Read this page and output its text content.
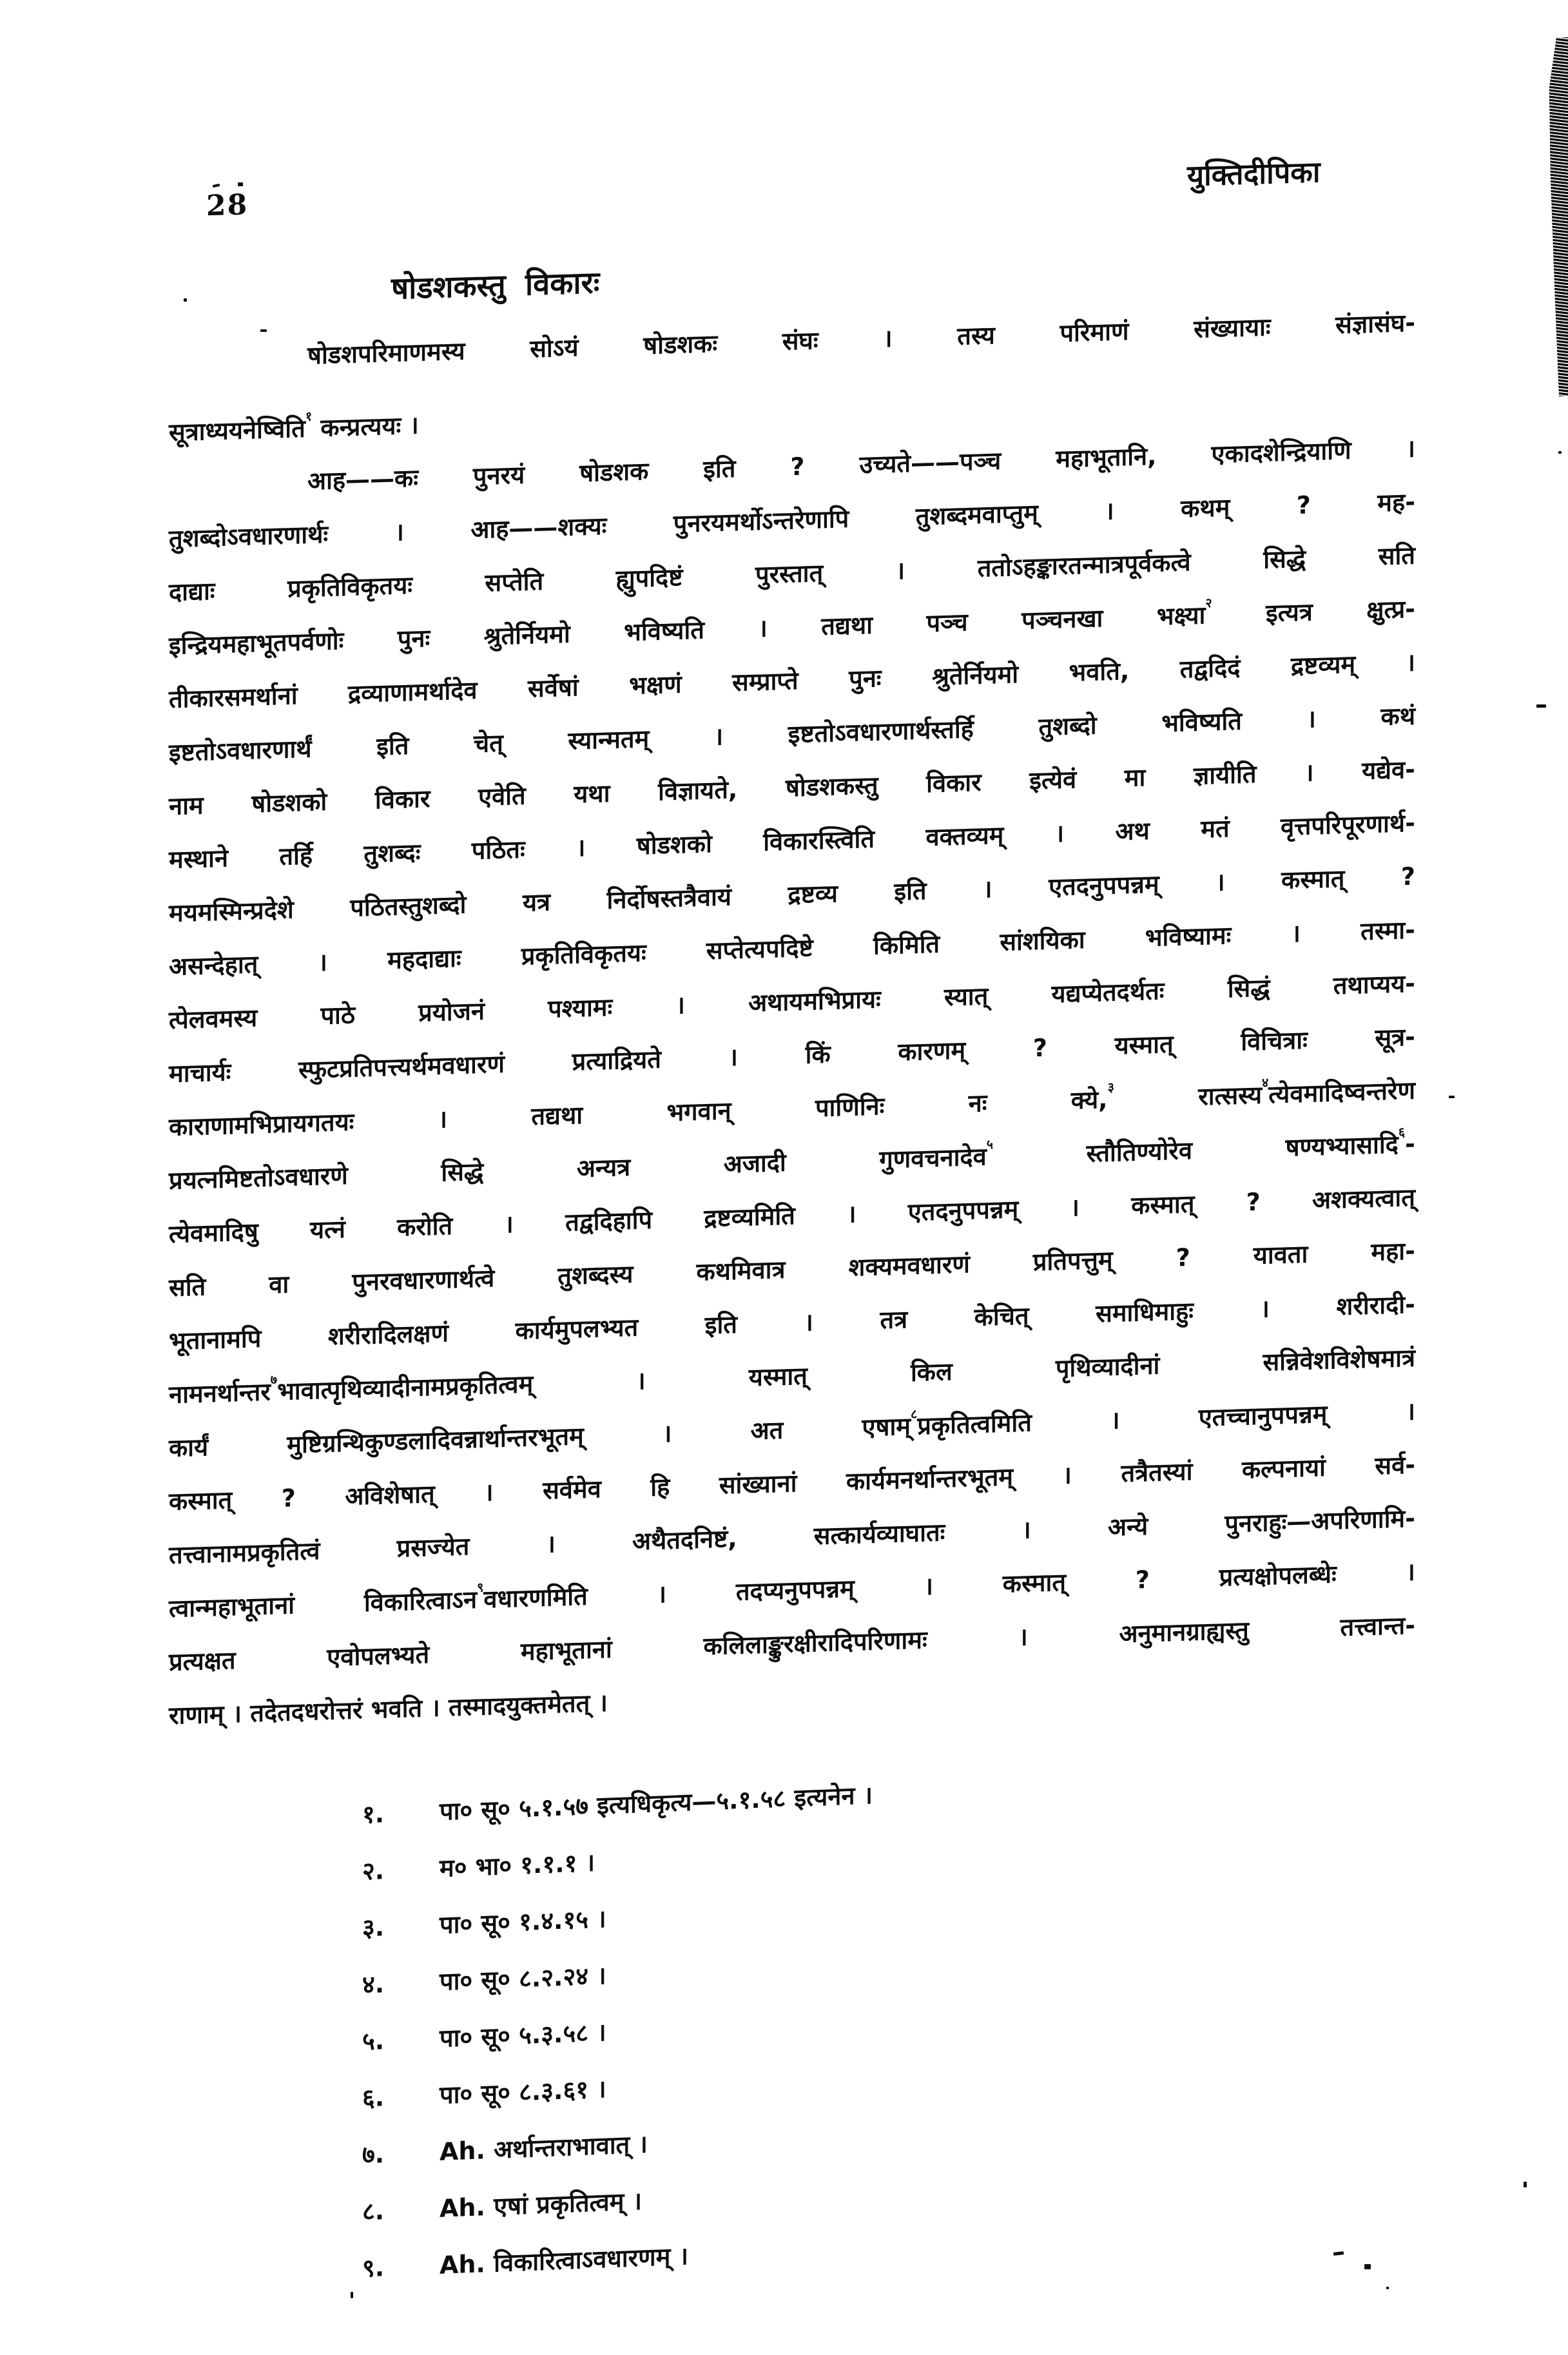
28
युक्तिदीपिका
षोडशकस्तु विकारः
षोडशपरिमाणमस्य	सोऽयं	षोडशकः	संघः	।	तस्य	परिमाणं	संख्यायाः	संज्ञासंघ-
सूत्राध्ययनेष्विति$^१$ कन्प्रत्ययः ।
आह——कः पुनरयं षोडशक इति ? उच्यते——पञ्च महाभूतानि, एकादशेन्द्रियाणि ।
तुशब्दोऽवधारणार्थः	।	आह——शक्यः	पुनरयमर्थोऽन्तरेणापि	तुशब्दमवाप्तुम्	।	कथम्	?	मह-
दाद्याः	प्रकृतिविकृतयः	सप्तेति	ह्युपदिष्टं	पुरस्तात्	।	ततोऽहङ्कारतन्मात्रपूर्वकत्वे	सिद्धे	सति
इन्द्रियमहाभूतपर्वणोः पुनः श्रुतेर्नियमो भविष्यति । तद्यथा पञ्च पञ्चनखा भक्ष्या$^२$ इत्यत्र क्षुत्प्र-
तीकारसमर्थानां द्रव्याणामर्थादेव सर्वेषां भक्षणं सम्प्राप्ते पुनः श्रुतेर्नियमो भवति, तद्वदिदं द्रष्टव्यम् ।
इष्टतोऽवधारणार्थं	इति	चेत्	स्यान्मतम्	।	इष्टतोऽवधारणार्थस्तर्हि	तुशब्दो	भविष्यति	।	कथं
नाम षोडशको विकार एवेति यथा विज्ञायते, षोडशकस्तु विकार इत्येवं मा ज्ञायीति । यद्येव-
मस्थाने तर्हि तुशब्दः पठितः । षोडशको विकारस्त्विति वक्तव्यम् । अथ मतं वृत्तपरिपूरणार्थ-
मयमस्मिन्प्रदेशे पठितस्तुशब्दो यत्र निर्दोषस्तत्रैवायं द्रष्टव्य इति । एतदनुपपन्नम् । कस्मात् ?
असन्देहात् । महदाद्याः प्रकृतिविकृतयः सप्तेत्यपदिष्टे किमिति सांशयिका भविष्यामः । तस्मा-
त्पेलवमस्य	पाठे	प्रयोजनं	पश्यामः	।	अथायमभिप्रायः	स्यात्	यद्यप्येतदर्थतः	सिद्धं	तथाप्यय-
माचार्यः	स्फुटप्रतिपत्त्यर्थमवधारणं	प्रत्याद्रियते	।	किं	कारणम्	?	यस्मात्	विचित्राः	सूत्र-
काराणामभिप्रायगतयः	।	तद्यथा	भगवान्	पाणिनिः	नः	क्ये,$^३$	रात्सस्य$^४$त्येवमादिष्वन्तरेण
प्रयत्नमिष्टतोऽवधारणे	सिद्धे	अन्यत्र	अजादी	गुणवचनादेव$^५$	स्तौतिण्योरेव	षण्यभ्यासादि$^६$-
त्येवमादिषु यत्नं करोति । तद्वदिहापि द्रष्टव्यमिति । एतदनुपपन्नम् । कस्मात् ? अशक्यत्वात्
सति	वा	पुनरवधारणार्थत्वे	तुशब्दस्य	कथमिवात्र	शक्यमवधारणं	प्रतिपत्तुम्	?	यावता	महा-
भूतानामपि	शरीरादिलक्षणं	कार्यमुपलभ्यत	इति	।	तत्र	केचित्	समाधिमाहुः	।	शरीरादी-
नामनर्थान्तर$^७$भावात्पृथिव्यादीनामप्रकृतित्वम्	।	यस्मात्	किल	पृथिव्यादीनां	सन्निवेशविशेषमात्रं
कार्यं	मुष्टिग्रन्थिकुण्डलादिवन्नार्थान्तरभूतम्	।	अत	एषाम्$^८$प्रकृतित्वमिति	।	एतच्चानुपपन्नम्	।
कस्मात् ? अविशेषात् । सर्वमेव हि सांख्यानां कार्यमनर्थान्तरभूतम् । तत्रैतस्यां कल्पनायां सर्व-
तत्त्वानामप्रकृतित्वं	प्रसज्येत	।	अथैतदनिष्टं,	सत्कार्यव्याघातः	।	अन्ये	पुनराहुः—अपरिणामि-
त्वान्महाभूतानां	विकारित्वाऽन$^९$वधारणमिति	।	तदप्यनुपपन्नम्	।	कस्मात्	?	प्रत्यक्षोपलब्धेः	।
प्रत्यक्षत	एवोपलभ्यते	महाभूतानां	कलिलाङ्कुरक्षीरादिपरिणामः	।	अनुमानग्राह्यस्तु	तत्त्वान्त-
राणाम् । तदेतदधरोत्तरं भवति । तस्मादयुक्तमेतत् ।
१. पा० सू० ५.१.५७ इत्यधिकृत्य—५.१.५८ इत्यनेन ।
२. म० भा० १.१.१ ।
३. पा० सू० १.४.१५ ।
४. पा० सू० ८.२.२४ ।
५. पा० सू० ५.३.५८ ।
६. पा० सू० ८.३.६१ ।
७. Ah. अर्थान्तराभावात् ।
८. Ah. एषां प्रकृतित्वम् ।
९. Ah. विकारित्वाऽवधारणम् ।
